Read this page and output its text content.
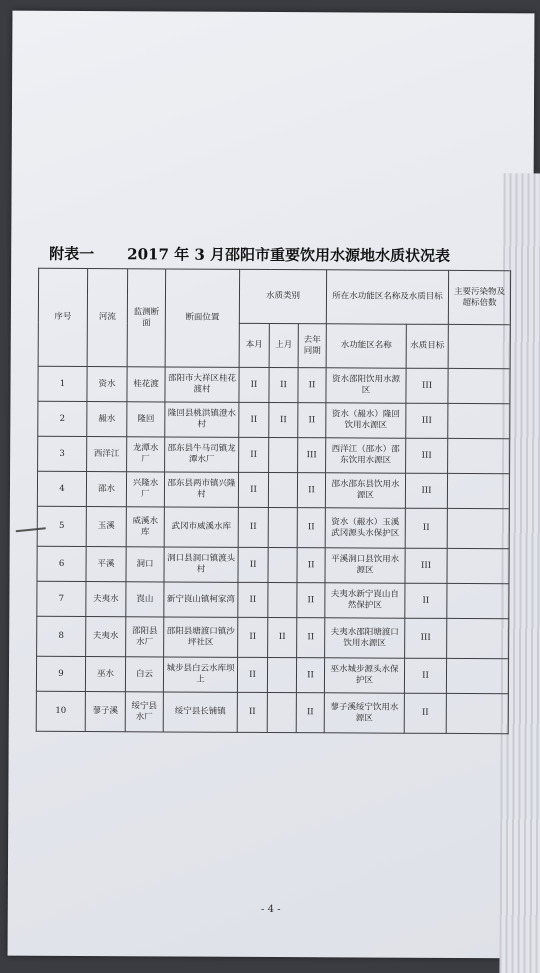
附表一 2017 年 3 月邵阳市重要饮用水源地水质状况表
序号	河流	监测断面	断面位置	水质类别			所在水功能区名称及水质目标		主要污染物及超标倍数
				本月	上月	去年同期	水功能区名称	水质目标	
1	资水	桂花渡	邵阳市大祥区桂花渡村	II	II	II	资水邵阳饮用水源区	III	
2	赧水	隆回	隆回县桃洪镇澄水村	II	II	II	资水（赧水）隆回饮用水源区	III	
3	西洋江	龙潭水厂	邵东县牛马司镇龙潭水厂	II		III	西洋江（邵水）邵东饮用水源区	III	
4	邵水	兴隆水厂	邵东县两市镇兴隆村	II		II	邵水邵东县饮用水源区	III	
5	玉溪	威溪水库	武冈市威溪水库	II		II	资水（赧水）玉溪武冈源头水保护区	II	
6	平溪	洞口	洞口县洞口镇渡头村	II		II	平溪洞口县饮用水源区	III	
7	夫夷水	崀山	新宁崀山镇柯家湾	II		II	夫夷水新宁崀山自然保护区	II	
8	夫夷水	邵阳县水厂	邵阳县塘渡口镇沙坪社区	II	II	II	夫夷水邵阳塘渡口饮用水源区	III	
9	巫水	白云	城步县白云水库坝上	II		II	巫水城步源头水保护区	II	
10	蓼子溪	绥宁县水厂	绥宁县长铺镇	II		II	蓼子溪绥宁饮用水源区	II	
- 4 -
